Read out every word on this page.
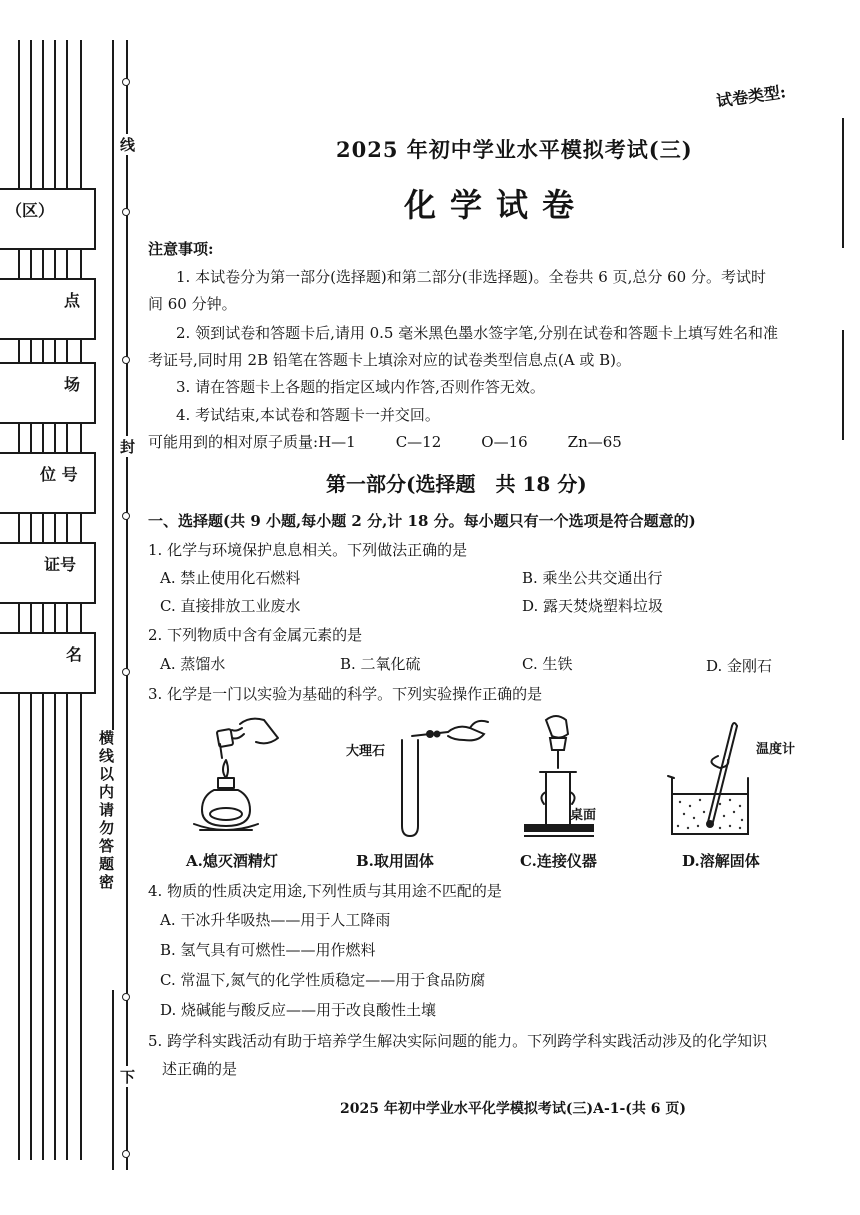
（区）
点
场
位 号
证号
名
线
封
下
横线以内请勿答题密
试卷类型:
2025 年初中学业水平模拟考试(三)
化学试卷
注意事项:
1. 本试卷分为第一部分(选择题)和第二部分(非选择题)。全卷共 6 页,总分 60 分。考试时
间 60 分钟。
2. 领到试卷和答题卡后,请用 0.5 毫米黑色墨水签字笔,分别在试卷和答题卡上填写姓名和准
考证号,同时用 2B 铅笔在答题卡上填涂对应的试卷类型信息点(A 或 B)。
3. 请在答题卡上各题的指定区域内作答,否则作答无效。
4. 考试结束,本试卷和答题卡一并交回。
可能用到的相对原子质量:H—1	C—12	O—16	Zn—65
第一部分(选择题　共 18 分)
一、选择题(共 9 小题,每小题 2 分,计 18 分。每小题只有一个选项是符合题意的)
1. 化学与环境保护息息相关。下列做法正确的是
A. 禁止使用化石燃料	B. 乘坐公共交通出行
C. 直接排放工业废水	D. 露天焚烧塑料垃圾
2. 下列物质中含有金属元素的是
A. 蒸馏水	B. 二氧化硫	C. 生铁	D. 金刚石
3. 化学是一门以实验为基础的科学。下列实验操作正确的是
A.熄灭酒精灯
大理石
B.取用固体
桌面
C.连接仪器
温度计
D.溶解固体
4. 物质的性质决定用途,下列性质与其用途不匹配的是
A. 干冰升华吸热——用于人工降雨
B. 氢气具有可燃性——用作燃料
C. 常温下,氮气的化学性质稳定——用于食品防腐
D. 烧碱能与酸反应——用于改良酸性土壤
5. 跨学科实践活动有助于培养学生解决实际问题的能力。下列跨学科实践活动涉及的化学知识
述正确的是
2025 年初中学业水平化学模拟考试(三)A-1-(共 6 页)
